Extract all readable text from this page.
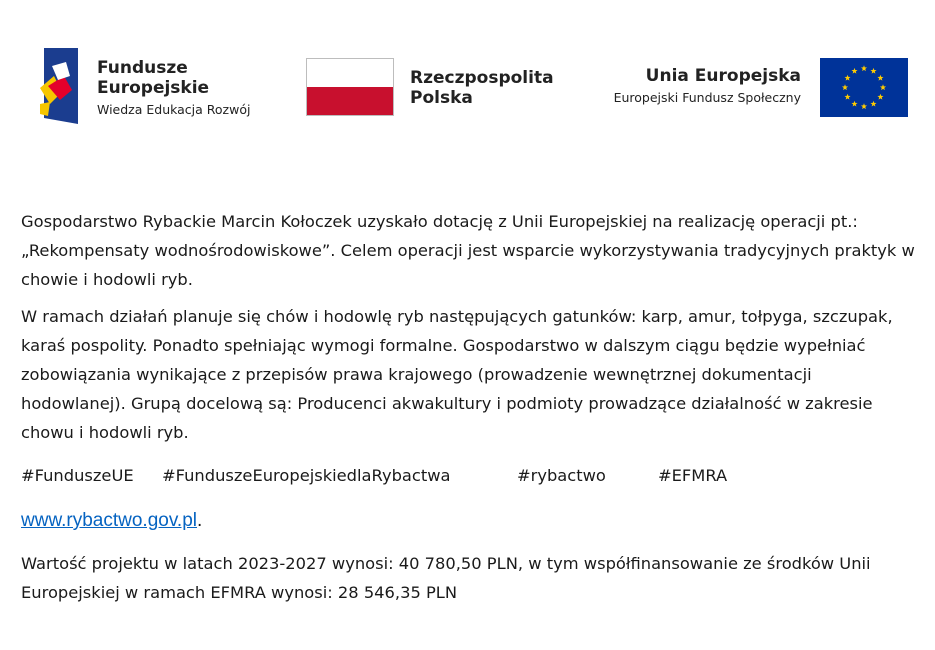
Fundusze
Europejskie
Wiedza Edukacja Rozwój
Rzeczpospolita
Polska
Unia Europejska
Europejski Fundusz Społeczny

Gospodarstwo Rybackie Marcin Kołoczek uzyskało dotację z Unii Europejskiej na realizację operacji pt.: „Rekompensaty wodnośrodowiskowe”. Celem operacji jest wsparcie wykorzystywania tradycyjnych praktyk w chowie i hodowli ryb.

W ramach działań planuje się chów i hodowlę ryb następujących gatunków: karp, amur, tołpyga, szczupak, karaś pospolity. Ponadto spełniając wymogi formalne. Gospodarstwo w dalszym ciągu będzie wypełniać zobowiązania wynikające z przepisów prawa krajowego (prowadzenie wewnętrznej dokumentacji hodowlanej). Grupą docelową są: Producenci akwakultury i podmioty prowadzące działalność w zakresie chowu i hodowli ryb.

#FunduszeUE	#FunduszeEuropejskiedlaRybactwa	#rybactwo	#EFMRA

www.rybactwo.gov.pl.

Wartość projektu w latach 2023-2027 wynosi: 40 780,50 PLN, w tym współfinansowanie ze środków Unii Europejskiej w ramach EFMRA wynosi: 28 546,35 PLN
